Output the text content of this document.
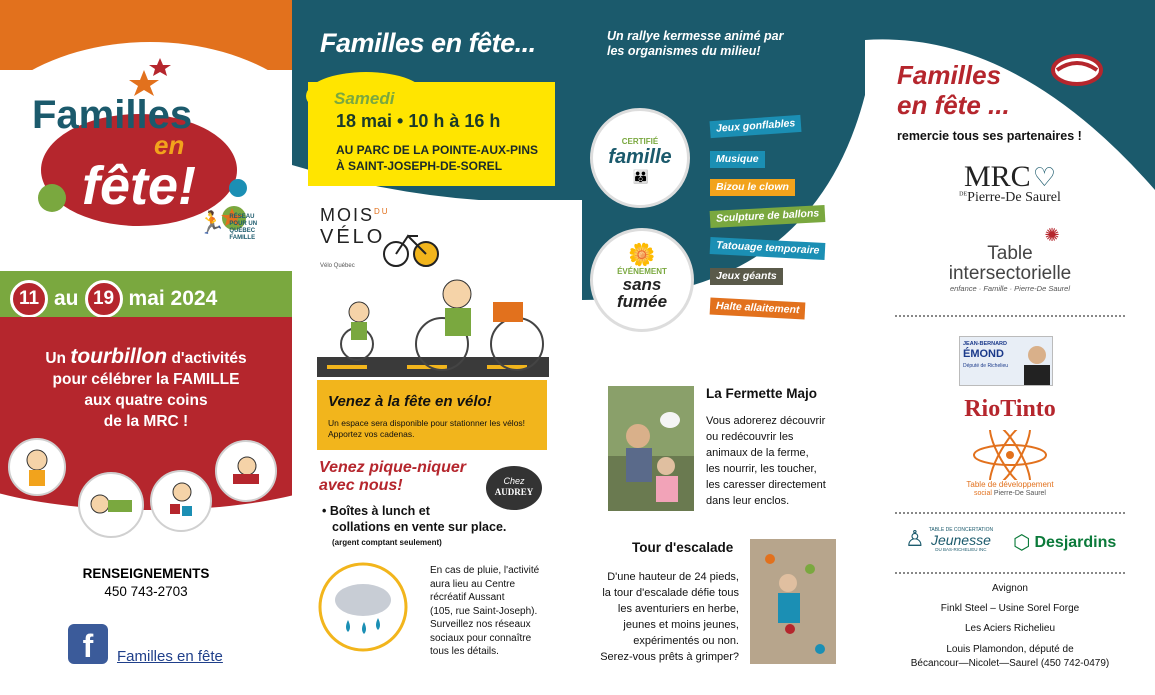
Familles
en
fête!
🏃 RÉSEAU POUR UN QUÉBEC FAMILLE
11 au 19 mai 2024
Un tourbillon d'activités
pour célébrer la FAMILLE
aux quatre coins
de la MRC !
RENSEIGNEMENTS
450 743-2703
f	Familles en fête
Familles en fête...
Samedi
18 mai • 10 h à 16 h
AU PARC DE LA POINTE-AUX-PINS
À SAINT-JOSEPH-DE-SOREL
$MOIS^{DU}$
VÉLO
Vélo Québec
Venez à la fête en vélo!
Un espace sera disponible pour stationner les vélos!
Apportez vos cadenas.
Venez pique-niquer
avec nous!	Chez
AUDREY
• Boîtes à lunch et
collations en vente sur place.
(argent comptant seulement)
En cas de pluie, l'activité
aura lieu au Centre
récréatif Aussant
(105, rue Saint-Joseph).
Surveillez nos réseaux
sociaux pour connaître
tous les détails.
Un rallye kermesse animé par
les organismes du milieu!
CERTIFIÉ
famille
👪
🌼
ÉVÉNEMENT
sans
fumée
Jeux gonflables
Musique
Bizou le clown
Sculpture de ballons
Tatouage temporaire
Jeux géants
Halte allaitement
La Fermette Majo
Vous adorerez découvrir
ou redécouvrir les
animaux de la ferme,
les nourrir, les toucher,
les caresser directement
dans leur enclos.
Tour d'escalade
D'une hauteur de 24 pieds,
la tour d'escalade défie tous
les aventuriers en herbe,
jeunes et moins jeunes,
expérimentés ou non.
Serez-vous prêts à grimper?
Familles
en fête ...
remercie tous ses partenaires !
MRC ♡
$^{DE}$Pierre-De Saurel
✺
Table
intersectorielle
enfance · Famille · Pierre-De Saurel
JEAN-BERNARD
ÉMOND
Député de Richelieu
RioTinto
Table de développement
social Pierre-De Saurel
♙ TABLE DE CONCERTATION
Jeunesse
DU BAS-RICHELIEU INC	⬡ Desjardins
Avignon
Finkl Steel – Usine Sorel Forge
Les Aciers Richelieu
Louis Plamondon, député de
Bécancour—Nicolet—Saurel (450 742-0479)
